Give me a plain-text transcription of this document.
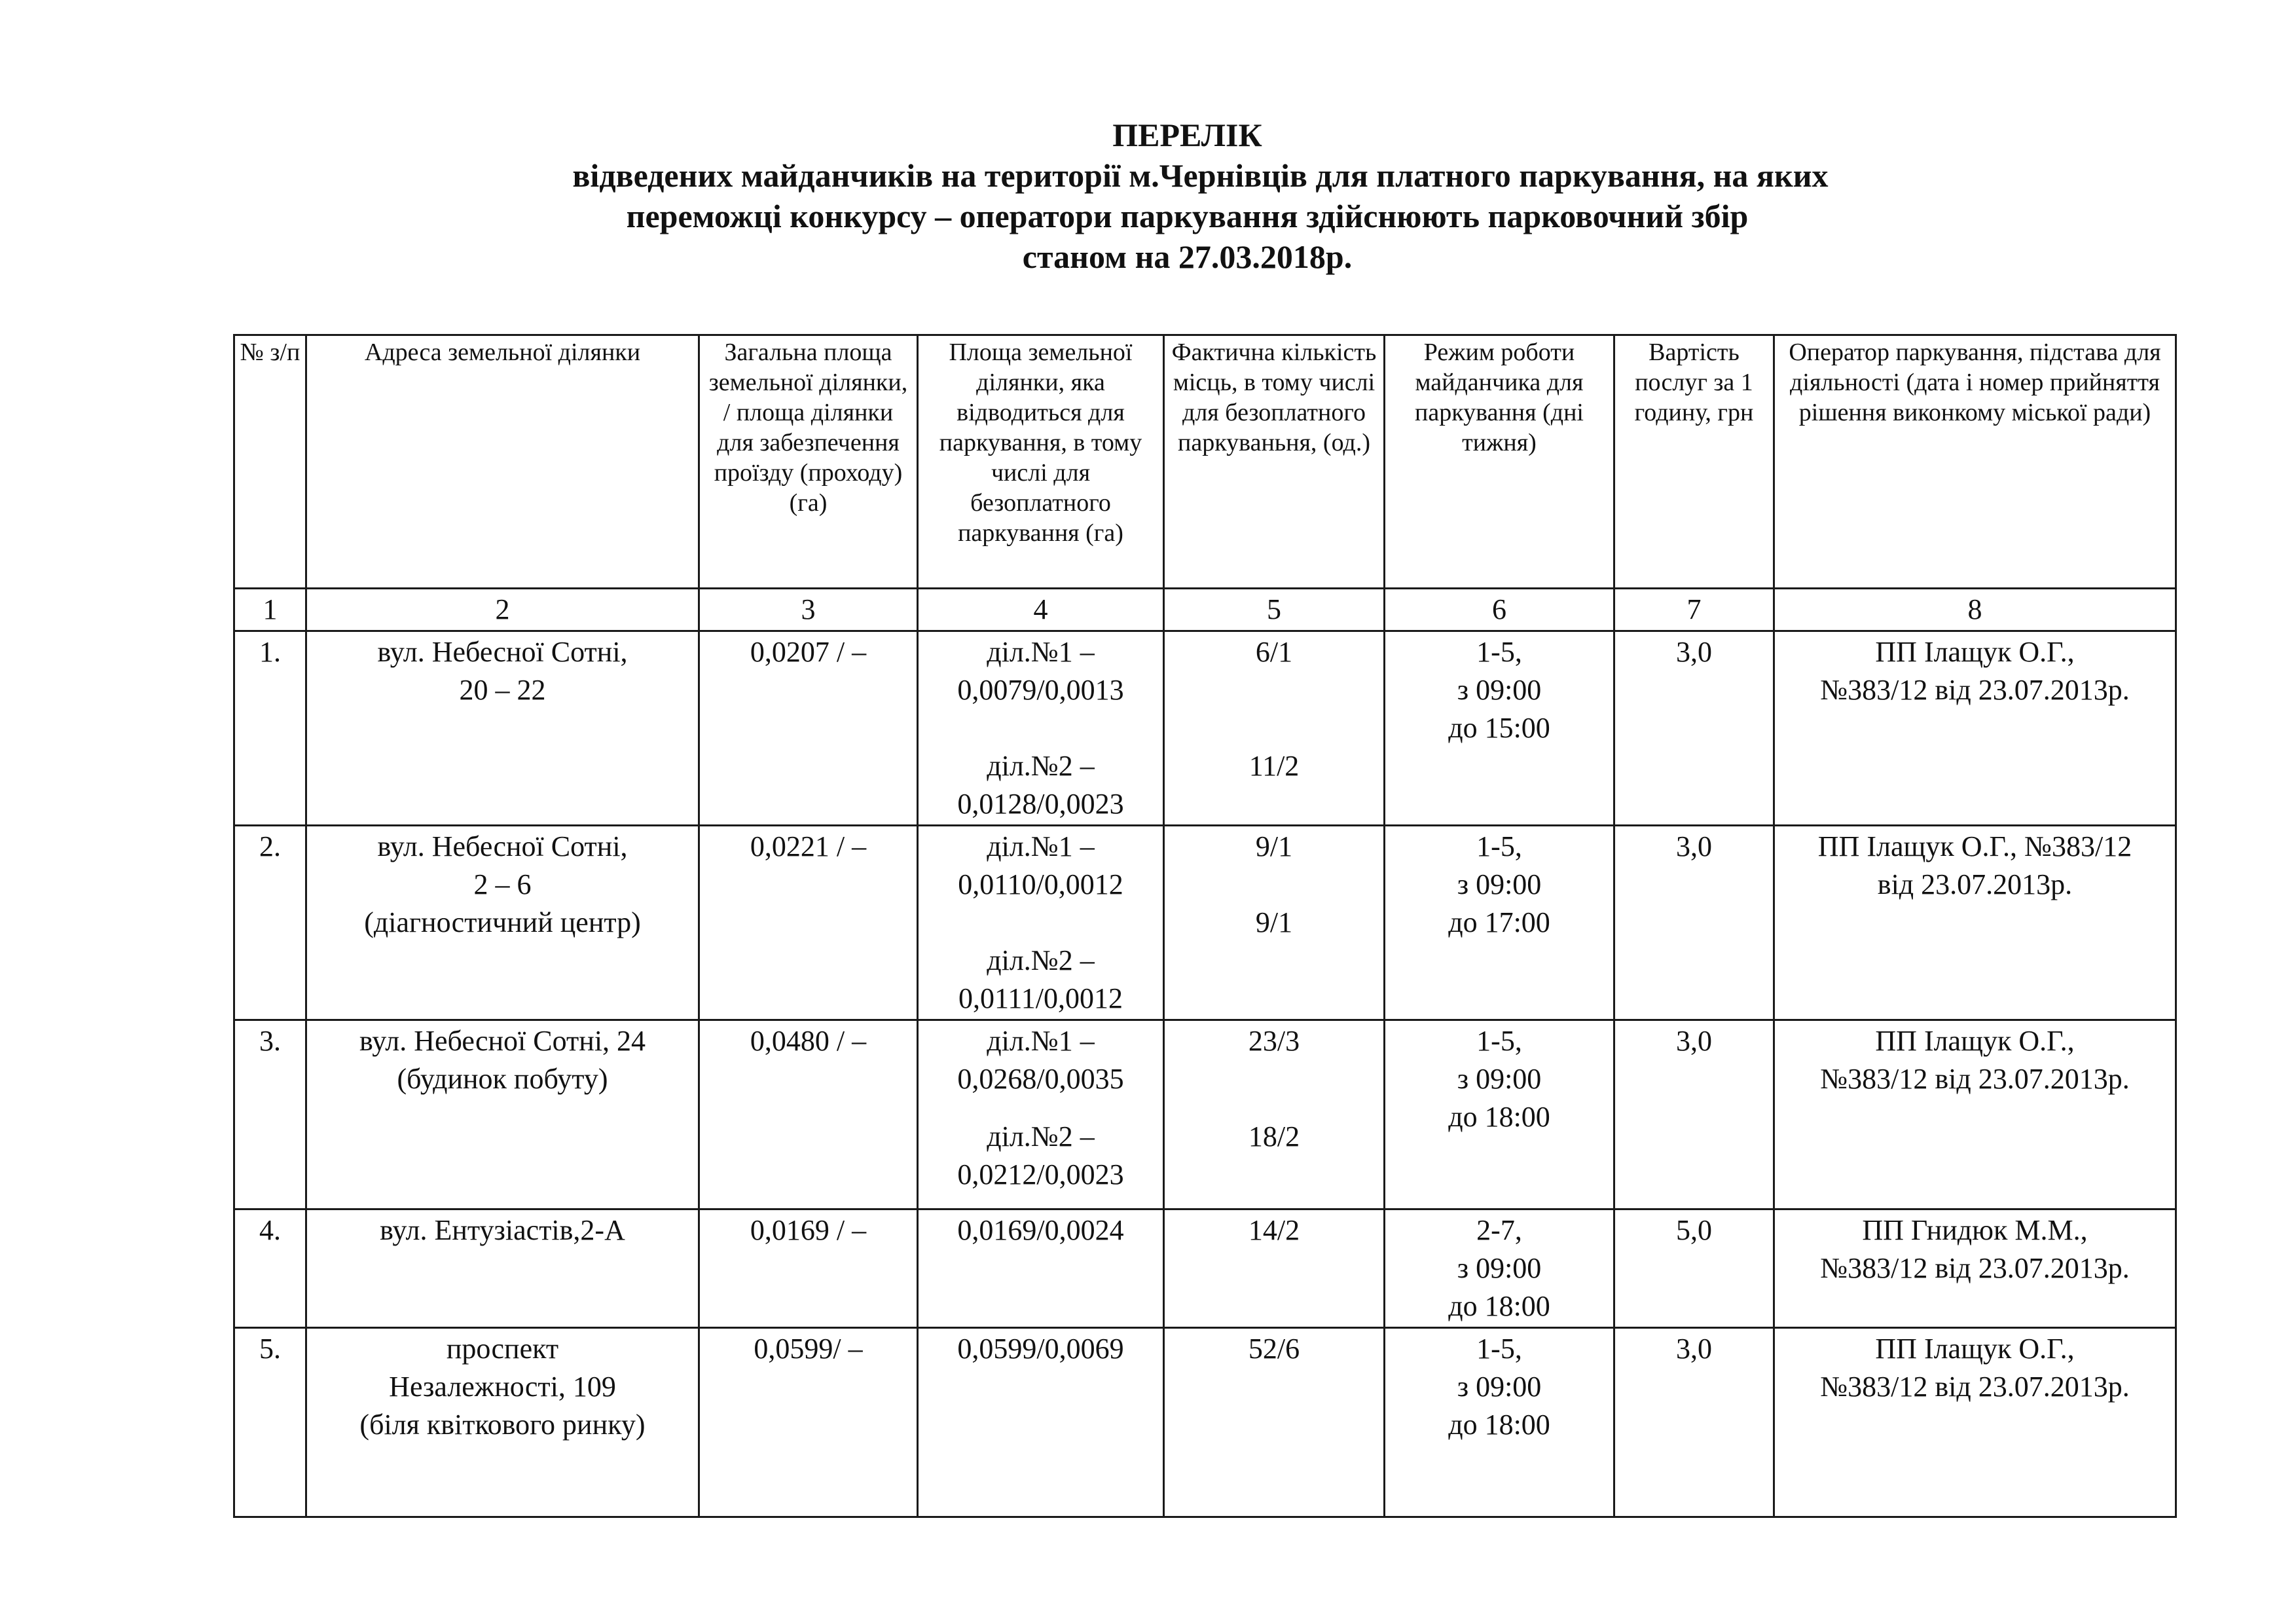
ПЕРЕЛІК
відведених майданчиків на території м.Чернівців для платного паркування, на яких
переможці конкурсу – оператори паркування здійснюють парковочний збір
станом на 27.03.2018р.
№ з/п	Адреса земельної ділянки	Загальна площа земельної ділянки, / площа ділянки для забезпечення проїзду (проходу) (га)	Площа земельної ділянки, яка відводиться для паркування, в тому числі для безоплатного паркування (га)	Фактична кількість місць, в тому числі для безоплатного паркуваньня, (од.)	Режим роботи майданчика для паркування (дні тижня)	Вартість послуг за 1 годину, грн	Оператор паркування, підстава для діяльності (дата і номер прийняття рішення виконкому міської ради)
1	2	3	4	5	6	7	8
1.	вул. Небесної Сотні,
20 – 22	0,0207 / –	діл.№1 –
0,0079/0,0013
діл.№2 –
0,0128/0,0023	6/1
11/2	1-5,
з 09:00
до 15:00	3,0	ПП Ілащук О.Г.,
№383/12 від 23.07.2013р.

2.	вул. Небесної Сотні,
2 – 6
(діагностичний центр)	0,0221 / –	діл.№1 –
0,0110/0,0012
діл.№2 –
0,0111/0,0012	9/1
9/1	1-5,
з 09:00
до 17:00	3,0	ПП Ілащук О.Г., №383/12
від 23.07.2013р.

3.	вул. Небесної Сотні, 24
(будинок побуту)	0,0480 / –	діл.№1 –
0,0268/0,0035
діл.№2 –
0,0212/0,0023	23/3
18/2	1-5,
з 09:00
до 18:00	3,0	ПП Ілащук О.Г.,
№383/12 від 23.07.2013р.

4.	вул. Ентузіастів,2-А	0,0169 / –	0,0169/0,0024	14/2	2-7,
з 09:00
до 18:00	5,0	ПП Гнидюк М.М.,
№383/12 від 23.07.2013р.

5.	проспект
Незалежності, 109
(біля квіткового ринку)	0,0599/ –	0,0599/0,0069	52/6	1-5,
з 09:00
до 18:00	3,0	ПП Ілащук О.Г.,
№383/12 від 23.07.2013р.
